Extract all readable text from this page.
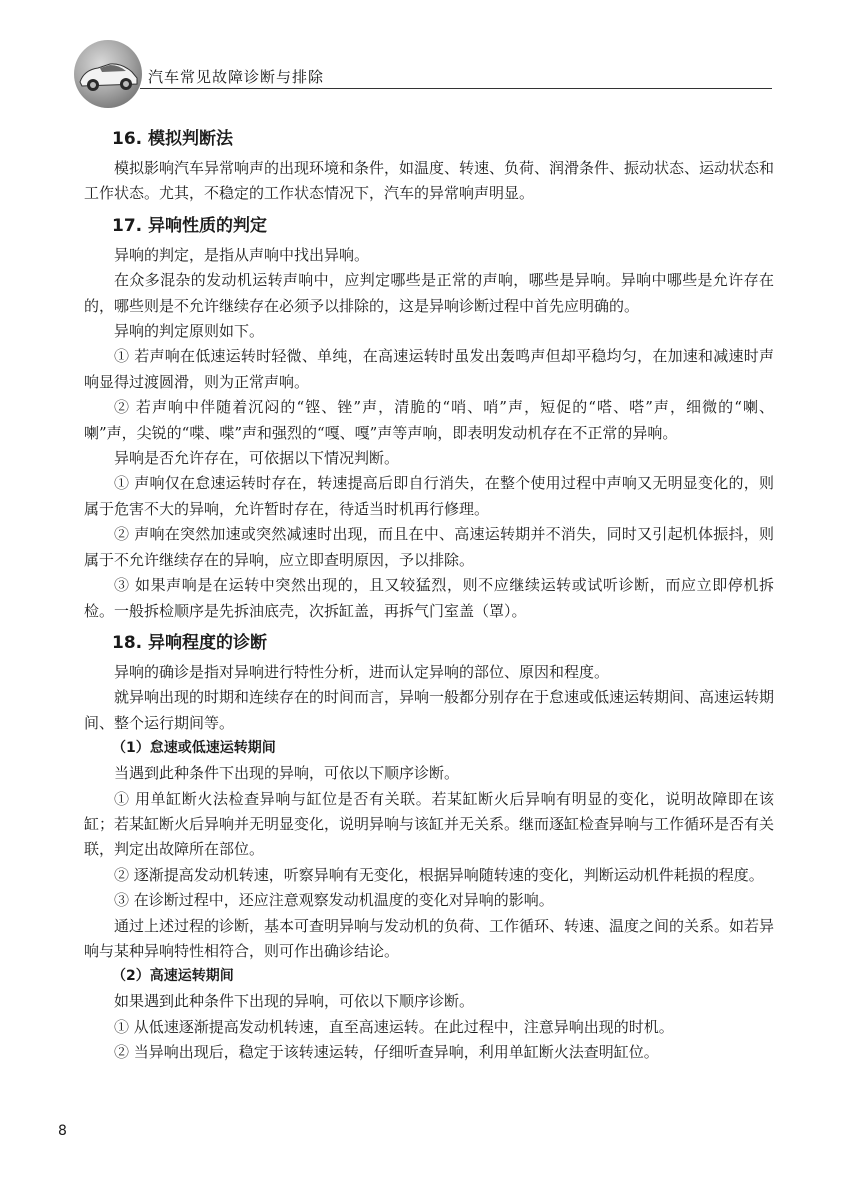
汽车常见故障诊断与排除
16. 模拟判断法

模拟影响汽车异常响声的出现环境和条件，如温度、转速、负荷、润滑条件、振动状态、运动状态和工作状态。尤其，不稳定的工作状态情况下，汽车的异常响声明显。

17. 异响性质的判定

异响的判定，是指从声响中找出异响。

在众多混杂的发动机运转声响中，应判定哪些是正常的声响，哪些是异响。异响中哪些是允许存在的，哪些则是不允许继续存在必须予以排除的，这是异响诊断过程中首先应明确的。

异响的判定原则如下。

① 若声响在低速运转时轻微、单纯，在高速运转时虽发出轰鸣声但却平稳均匀，在加速和减速时声响显得过渡圆滑，则为正常声响。

② 若声响中伴随着沉闷的“铿、锉”声，清脆的“哨、哨”声，短促的“嗒、嗒”声，细微的“喇、喇”声，尖锐的“喋、喋”声和强烈的“嘎、嘎”声等声响，即表明发动机存在不正常的异响。

异响是否允许存在，可依据以下情况判断。

① 声响仅在怠速运转时存在，转速提高后即自行消失，在整个使用过程中声响又无明显变化的，则属于危害不大的异响，允许暂时存在，待适当时机再行修理。

② 声响在突然加速或突然减速时出现，而且在中、高速运转期并不消失，同时又引起机体振抖，则属于不允许继续存在的异响，应立即查明原因，予以排除。

③ 如果声响是在运转中突然出现的，且又较猛烈，则不应继续运转或试听诊断，而应立即停机拆检。一般拆检顺序是先拆油底壳，次拆缸盖，再拆气门室盖（罩）。

18. 异响程度的诊断

异响的确诊是指对异响进行特性分析，进而认定异响的部位、原因和程度。

就异响出现的时期和连续存在的时间而言，异响一般都分别存在于怠速或低速运转期间、高速运转期间、整个运行期间等。

（1）怠速或低速运转期间

当遇到此种条件下出现的异响，可依以下顺序诊断。

① 用单缸断火法检查异响与缸位是否有关联。若某缸断火后异响有明显的变化，说明故障即在该缸；若某缸断火后异响并无明显变化，说明异响与该缸并无关系。继而逐缸检查异响与工作循环是否有关联，判定出故障所在部位。

② 逐渐提高发动机转速，听察异响有无变化，根据异响随转速的变化，判断运动机件耗损的程度。

③ 在诊断过程中，还应注意观察发动机温度的变化对异响的影响。

通过上述过程的诊断，基本可查明异响与发动机的负荷、工作循环、转速、温度之间的关系。如若异响与某种异响特性相符合，则可作出确诊结论。

（2）高速运转期间

如果遇到此种条件下出现的异响，可依以下顺序诊断。

① 从低速逐渐提高发动机转速，直至高速运转。在此过程中，注意异响出现的时机。

② 当异响出现后，稳定于该转速运转，仔细听查异响，利用单缸断火法查明缸位。

8
